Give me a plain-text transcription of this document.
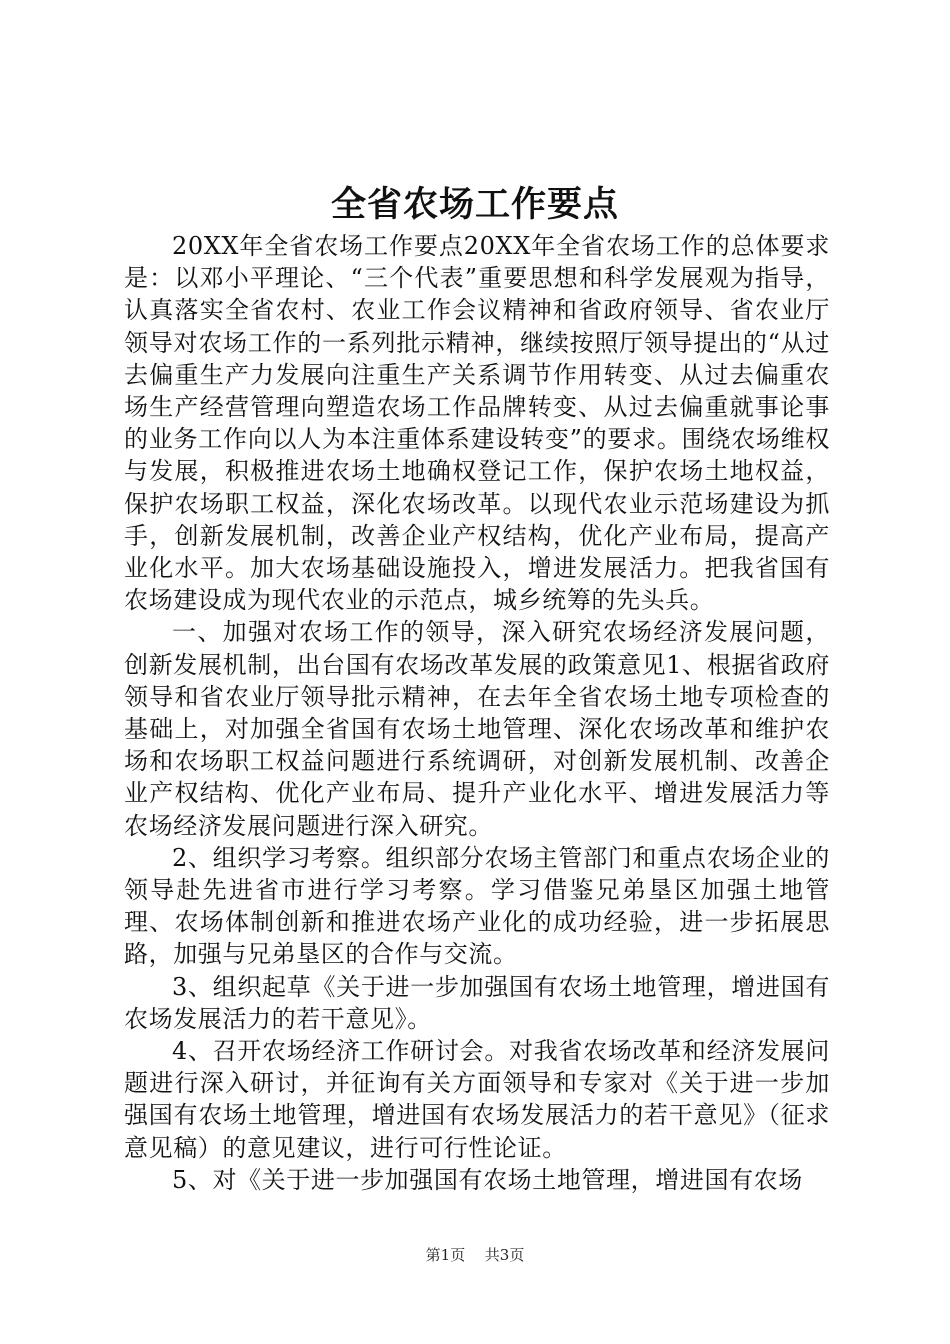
全省农场工作要点

20XX年全省农场工作要点20XX年全省农场工作的总体要求是：以邓小平理论、“三个代表”重要思想和科学发展观为指导，认真落实全省农村、农业工作会议精神和省政府领导、省农业厅领导对农场工作的一系列批示精神，继续按照厅领导提出的“从过去偏重生产力发展向注重生产关系调节作用转变、从过去偏重农场生产经营管理向塑造农场工作品牌转变、从过去偏重就事论事的业务工作向以人为本注重体系建设转变”的要求。围绕农场维权与发展，积极推进农场土地确权登记工作，保护农场土地权益，保护农场职工权益，深化农场改革。以现代农业示范场建设为抓手，创新发展机制，改善企业产权结构，优化产业布局，提高产业化水平。加大农场基础设施投入，增进发展活力。把我省国有农场建设成为现代农业的示范点，城乡统筹的先头兵。

一、加强对农场工作的领导，深入研究农场经济发展问题，创新发展机制，出台国有农场改革发展的政策意见1、根据省政府领导和省农业厅领导批示精神，在去年全省农场土地专项检查的基础上，对加强全省国有农场土地管理、深化农场改革和维护农场和农场职工权益问题进行系统调研，对创新发展机制、改善企业产权结构、优化产业布局、提升产业化水平、增进发展活力等农场经济发展问题进行深入研究。

2、组织学习考察。组织部分农场主管部门和重点农场企业的领导赴先进省市进行学习考察。学习借鉴兄弟垦区加强土地管理、农场体制创新和推进农场产业化的成功经验，进一步拓展思路，加强与兄弟垦区的合作与交流。

3、组织起草《关于进一步加强国有农场土地管理，增进国有农场发展活力的若干意见》。

4、召开农场经济工作研讨会。对我省农场改革和经济发展问题进行深入研讨，并征询有关方面领导和专家对《关于进一步加强国有农场土地管理，增进国有农场发展活力的若干意见》（征求意见稿）的意见建议，进行可行性论证。

5、对《关于进一步加强国有农场土地管理，增进国有农场

第1页 共3页
